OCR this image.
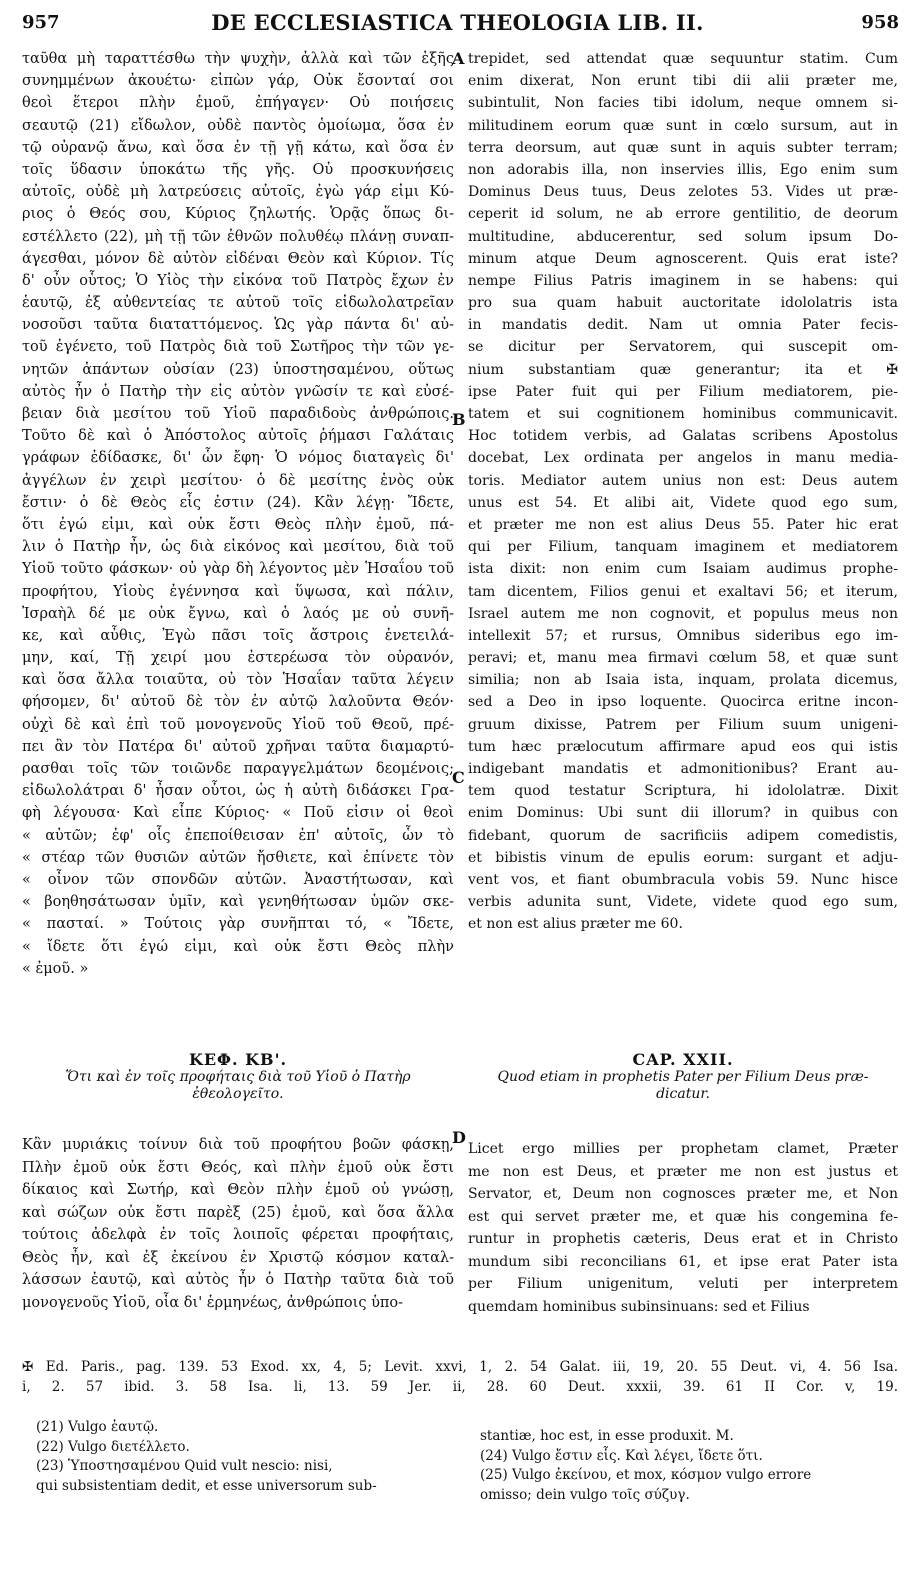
957	DE ECCLESIASTICA THEOLOGIA LIB. II.	958
A
B
C
D
ταῦθα μὴ ταραττέσθω τὴν ψυχὴν, ἀλλὰ καὶ τῶν ἑξῆς
συνημμένων ἀκουέτω· εἰπὼν γάρ, Οὐκ ἔσονταί σοι
θεοὶ ἕτεροι πλὴν ἐμοῦ, ἐπήγαγεν· Οὐ ποιήσεις
σεαυτῷ (21) εἴδωλον, οὐδὲ παντὸς ὁμοίωμα, ὅσα ἐν
τῷ οὐρανῷ ἄνω, καὶ ὅσα ἐν τῇ γῇ κάτω, καὶ ὅσα ἐν
τοῖς ὕδασιν ὑποκάτω τῆς γῆς. Οὐ προσκυνήσεις
αὐτοῖς, οὐδὲ μὴ λατρεύσεις αὐτοῖς, ἐγὼ γάρ εἰμι Κύ-
ριος ὁ Θεός σου, Κύριος ζηλωτής. Ὁρᾷς ὅπως δι-
εστέλλετο (22), μὴ τῇ τῶν ἐθνῶν πολυθέῳ πλάνῃ συναπ-
άγεσθαι, μόνον δὲ αὐτὸν εἰδέναι Θεὸν καὶ Κύριον. Τίς
δ' οὖν οὗτος; Ὁ Υἱὸς τὴν εἰκόνα τοῦ Πατρὸς ἔχων ἐν
ἑαυτῷ, ἐξ αὐθεντείας τε αὐτοῦ τοῖς εἰδωλολατρεῖαν
νοσοῦσι ταῦτα διαταττόμενος. Ὡς γὰρ πάντα δι' αὐ-
τοῦ ἐγένετο, τοῦ Πατρὸς διὰ τοῦ Σωτῆρος τὴν τῶν γε-
νητῶν ἁπάντων οὐσίαν (23) ὑποστησαμένου, οὕτως
αὐτὸς ἦν ὁ Πατὴρ τὴν εἰς αὐτὸν γνῶσίν τε καὶ εὐσέ-
βειαν διὰ μεσίτου τοῦ Υἱοῦ παραδιδοὺς ἀνθρώποις.
Τοῦτο δὲ καὶ ὁ Ἀπόστολος αὐτοῖς ῥήμασι Γαλάταις
γράφων ἐδίδασκε, δι' ὧν ἔφη· Ὁ νόμος διαταγεὶς δι'
ἀγγέλων ἐν χειρὶ μεσίτου· ὁ δὲ μεσίτης ἑνὸς οὐκ
ἔστιν· ὁ δὲ Θεὸς εἷς ἐστιν (24). Κἂν λέγῃ· Ἴδετε,
ὅτι ἐγώ εἰμι, καὶ οὐκ ἔστι Θεὸς πλὴν ἐμοῦ, πά-
λιν ὁ Πατὴρ ἦν, ὡς διὰ εἰκόνος καὶ μεσίτου, διὰ τοῦ
Υἱοῦ τοῦτο φάσκων· οὐ γὰρ δὴ λέγοντος μὲν Ἡσαΐου τοῦ
προφήτου, Υἱοὺς ἐγέννησα καὶ ὕψωσα, καὶ πάλιν,
Ἰσραὴλ δέ με οὐκ ἔγνω, καὶ ὁ λαός με οὐ συνῆ-
κε, καὶ αὖθις, Ἐγὼ πᾶσι τοῖς ἄστροις ἐνετειλά-
μην, καί, Τῇ χειρί μου ἐστερέωσα τὸν οὐρανόν,
καὶ ὅσα ἄλλα τοιαῦτα, οὐ τὸν Ἡσαΐαν ταῦτα λέγειν
φήσομεν, δι' αὐτοῦ δὲ τὸν ἐν αὐτῷ λαλοῦντα Θεόν·
οὐχὶ δὲ καὶ ἐπὶ τοῦ μονογενοῦς Υἱοῦ τοῦ Θεοῦ, πρέ-
πει ἂν τὸν Πατέρα δι' αὐτοῦ χρῆναι ταῦτα διαμαρτύ-
ρασθαι τοῖς τῶν τοιῶνδε παραγγελμάτων δεομένοις;
εἰδωλολάτραι δ' ἦσαν οὗτοι, ὡς ἡ αὐτὴ διδάσκει Γρα-
φὴ λέγουσα· Καὶ εἶπε Κύριος· « Ποῦ εἰσιν οἱ θεοὶ
« αὐτῶν; ἐφ' οἷς ἐπεποίθεισαν ἐπ' αὐτοῖς, ὧν τὸ
« στέαρ τῶν θυσιῶν αὐτῶν ἤσθιετε, καὶ ἐπίνετε τὸν
« οἶνον τῶν σπονδῶν αὐτῶν. Ἀναστήτωσαν, καὶ
« βοηθησάτωσαν ὑμῖν, καὶ γενηθήτωσαν ὑμῶν σκε-
« πασταί. » Τούτοις γὰρ συνῆπται τό, « Ἴδετε,
« ἴδετε ὅτι ἐγώ εἰμι, καὶ οὐκ ἔστι Θεὸς πλὴν
« ἐμοῦ. »
trepidet, sed attendat quæ sequuntur statim. Cum
enim dixerat, Non erunt tibi dii alii præter me,
subintulit, Non facies tibi idolum, neque omnem si-
militudinem eorum quæ sunt in cœlo sursum, aut in
terra deorsum, aut quæ sunt in aquis subter terram;
non adorabis illa, non inservies illis, Ego enim sum
Dominus Deus tuus, Deus zelotes 53. Vides ut præ-
ceperit id solum, ne ab errore gentilitio, de deorum
multitudine, abducerentur, sed solum ipsum Do-
minum atque Deum agnoscerent. Quis erat iste?
nempe Filius Patris imaginem in se habens: qui
pro sua quam habuit auctoritate idololatris ista
in mandatis dedit. Nam ut omnia Pater fecis-
se dicitur per Servatorem, qui suscepit om-
nium substantiam quæ generantur; ita et ✠
ipse Pater fuit qui per Filium mediatorem, pie-
tatem et sui cognitionem hominibus communicavit.
Hoc totidem verbis, ad Galatas scribens Apostolus
docebat, Lex ordinata per angelos in manu media-
toris. Mediator autem unius non est: Deus autem
unus est 54. Et alibi ait, Videte quod ego sum,
et præter me non est alius Deus 55. Pater hic erat
qui per Filium, tanquam imaginem et mediatorem
ista dixit: non enim cum Isaiam audimus prophe-
tam dicentem, Filios genui et exaltavi 56; et iterum,
Israel autem me non cognovit, et populus meus non
intellexit 57; et rursus, Omnibus sideribus ego im-
peravi; et, manu mea firmavi cœlum 58, et quæ sunt
similia; non ab Isaia ista, inquam, prolata dicemus,
sed a Deo in ipso loquente. Quocirca eritne incon-
gruum dixisse, Patrem per Filium suum unigeni-
tum hæc prælocutum affirmare apud eos qui istis
indigebant mandatis et admonitionibus? Erant au-
tem quod testatur Scriptura, hi idololatræ. Dixit
enim Dominus: Ubi sunt dii illorum? in quibus con
fidebant, quorum de sacrificiis adipem comedistis,
et bibistis vinum de epulis eorum: surgant et adju-
vent vos, et fiant obumbracula vobis 59. Nunc hisce
verbis adunita sunt, Videte, videte quod ego sum,
et non est alius præter me 60.
ΚΕΦ. ΚΒ'.
Ὅτι καὶ ἐν τοῖς προφήταις διὰ τοῦ Υἱοῦ ὁ Πατὴρ
ἐθεολογεῖτο.
CAP. XXII.
Quod etiam in prophetis Pater per Filium Deus præ-
dicatur.
Κἂν μυριάκις τοίνυν διὰ τοῦ προφήτου βοῶν φάσκῃ,
Πλὴν ἐμοῦ οὐκ ἔστι Θεός, καὶ πλὴν ἐμοῦ οὐκ ἔστι
δίκαιος καὶ Σωτήρ, καὶ Θεὸν πλὴν ἐμοῦ οὐ γνώσῃ,
καὶ σώζων οὐκ ἔστι παρὲξ (25) ἐμοῦ, καὶ ὅσα ἄλλα
τούτοις ἀδελφὰ ἐν τοῖς λοιποῖς φέρεται προφήταις,
Θεὸς ἦν, καὶ ἐξ ἐκείνου ἐν Χριστῷ κόσμον καταλ-
λάσσων ἑαυτῷ, καὶ αὐτὸς ἦν ὁ Πατὴρ ταῦτα διὰ τοῦ
μονογενοῦς Υἱοῦ, οἷα δι' ἑρμηνέως, ἀνθρώποις ὑπο-
Licet ergo millies per prophetam clamet, Præter
me non est Deus, et præter me non est justus et
Servator, et, Deum non cognosces præter me, et Non
est qui servet præter me, et quæ his congemina fe-
runtur in prophetis cæteris, Deus erat et in Christo
mundum sibi reconcilians 61, et ipse erat Pater ista
per Filium unigenitum, veluti per interpretem
quemdam hominibus subinsinuans: sed et Filius
✠ Ed. Paris., pag. 139. 53 Exod. xx, 4, 5; Levit. xxvi, 1, 2. 54 Galat. iii, 19, 20. 55 Deut. vi, 4. 56 Isa.
i, 2. 57 ibid. 3. 58 Isa. li, 13. 59 Jer. ii, 28. 60 Deut. xxxii, 39. 61 II Cor. v, 19.
(21) Vulgo ἑαυτῷ.
(22) Vulgo διετέλλετο.
(23) Ὑποστησαμένου Quid vult nescio: nisi,
qui subsistentiam dedit, et esse universorum sub-
stantiæ, hoc est, in esse produxit. M.
(24) Vulgo ἔστιν εἷς. Καὶ λέγει, ἴδετε ὅτι.
(25) Vulgo ἐκείνου, et mox, κόσμον vulgo errore
omisso; dein vulgo τοῖς σύζυγ.
